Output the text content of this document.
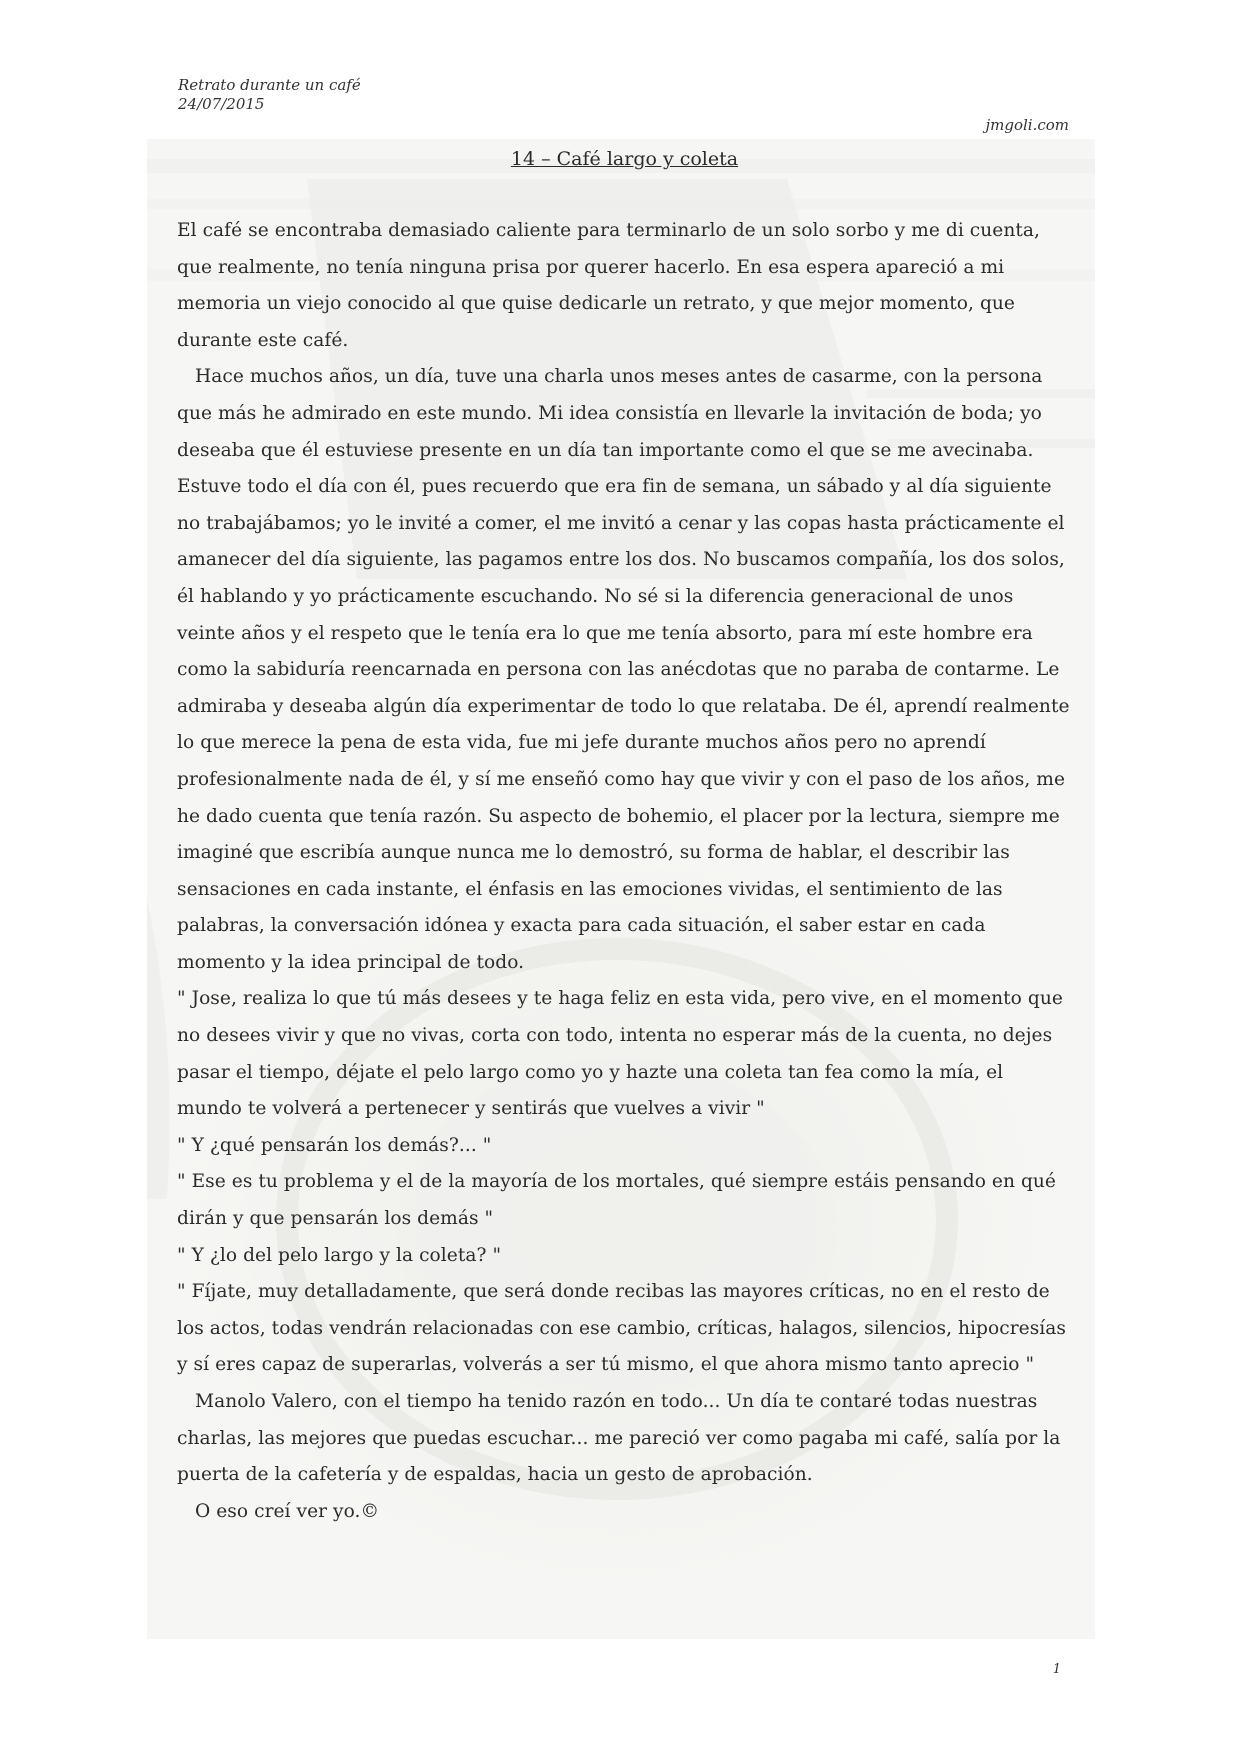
Retrato durante un café
24/07/2015
jmgoli.com
14 – Café largo y coleta

El café se encontraba demasiado caliente para terminarlo de un solo sorbo y me di cuenta, que realmente, no tenía ninguna prisa por querer hacerlo. En esa espera apareció a mi memoria un viejo conocido al que quise dedicarle un retrato, y que mejor momento, que durante este café.

Hace muchos años, un día, tuve una charla unos meses antes de casarme, con la persona que más he admirado en este mundo. Mi idea consistía en llevarle la invitación de boda; yo deseaba que él estuviese presente en un día tan importante como el que se me avecinaba. Estuve todo el día con él, pues recuerdo que era fin de semana, un sábado y al día siguiente no trabajábamos; yo le invité a comer, el me invitó a cenar y las copas hasta prácticamente el amanecer del día siguiente, las pagamos entre los dos. No buscamos compañía, los dos solos, él hablando y yo prácticamente escuchando. No sé si la diferencia generacional de unos veinte años y el respeto que le tenía era lo que me tenía absorto, para mí este hombre era como la sabiduría reencarnada en persona con las anécdotas que no paraba de contarme. Le admiraba y deseaba algún día experimentar de todo lo que relataba. De él, aprendí realmente lo que merece la pena de esta vida, fue mi jefe durante muchos años pero no aprendí profesionalmente nada de él, y sí me enseñó como hay que vivir y con el paso de los años, me he dado cuenta que tenía razón. Su aspecto de bohemio, el placer por la lectura, siempre me imaginé que escribía aunque nunca me lo demostró, su forma de hablar, el describir las sensaciones en cada instante, el énfasis en las emociones vividas, el sentimiento de las palabras, la conversación idónea y exacta para cada situación, el saber estar en cada momento y la idea principal de todo.

" Jose, realiza lo que tú más desees y te haga feliz en esta vida, pero vive, en el momento que no desees vivir y que no vivas, corta con todo, intenta no esperar más de la cuenta, no dejes pasar el tiempo, déjate el pelo largo como yo y hazte una coleta tan fea como la mía, el mundo te volverá a pertenecer y sentirás que vuelves a vivir "

" Y ¿qué pensarán los demás?... "

" Ese es tu problema y el de la mayoría de los mortales, qué siempre estáis pensando en qué dirán y que pensarán los demás "

" Y ¿lo del pelo largo y la coleta? "

" Fíjate, muy detalladamente, que será donde recibas las mayores críticas, no en el resto de los actos, todas vendrán relacionadas con ese cambio, críticas, halagos, silencios, hipocresías y sí eres capaz de superarlas, volverás a ser tú mismo, el que ahora mismo tanto aprecio "

Manolo Valero, con el tiempo ha tenido razón en todo... Un día te contaré todas nuestras charlas, las mejores que puedas escuchar... me pareció ver como pagaba mi café, salía por la puerta de la cafetería y de espaldas, hacia un gesto de aprobación.

O eso creí ver yo.©

1
